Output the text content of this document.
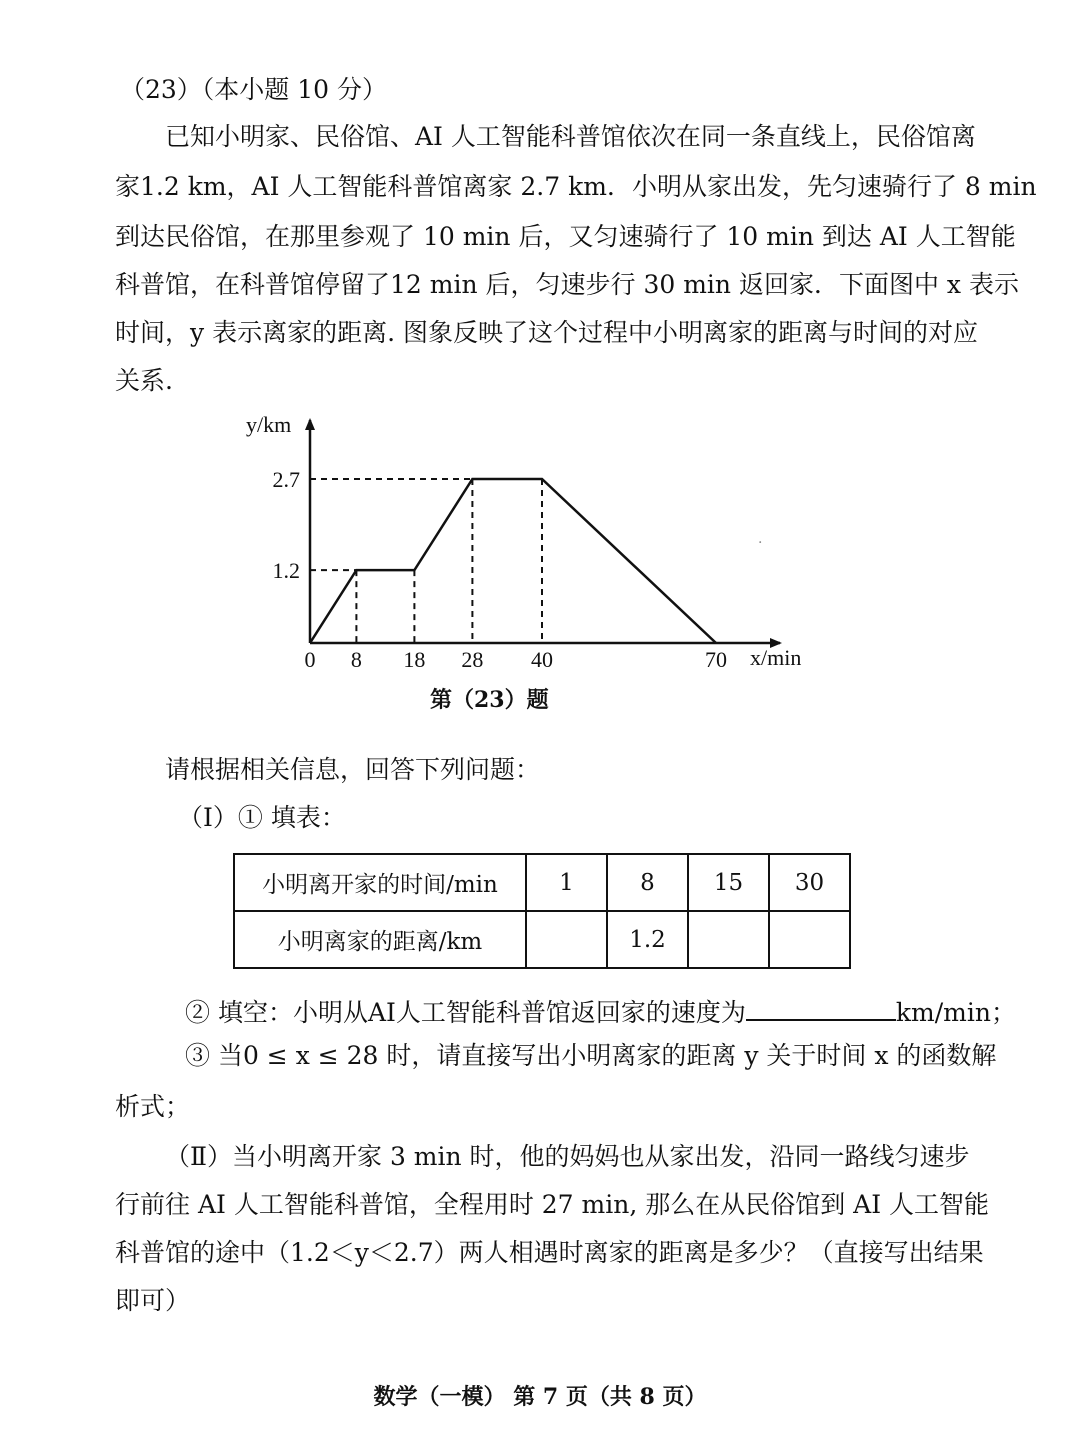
（23）（本小题 10 分）

已知小明家、民俗馆、AI 人工智能科普馆依次在同一条直线上，民俗馆离

家1.2 km，AI 人工智能科普馆离家 2.7 km．小明从家出发，先匀速骑行了 8 min

到达民俗馆，在那里参观了 10 min 后，又匀速骑行了 10 min 到达 AI 人工智能

科普馆，在科普馆停留了12 min 后，匀速步行 30 min 返回家．下面图中 x 表示

时间，y 表示离家的距离. 图象反映了这个过程中小明离家的距离与时间的对应

关系.

0 8 18 28 40	70
1.2
2.7
y/km
x/min
第（23）题
·

请根据相关信息，回答下列问题：

（Ⅰ）① 填表：

小明离开家的时间/min	1	8	15	30
小明离家的距离/km		1.2		

② 填空：小明从AI人工智能科普馆返回家的速度为	km/min；

③ 当0 ≤ x ≤ 28 时，请直接写出小明离家的距离 y 关于时间 x 的函数解

析式；

（Ⅱ）当小明离开家 3 min 时，他的妈妈也从家出发，沿同一路线匀速步

行前往 AI 人工智能科普馆，全程用时 27 min, 那么在从民俗馆到 AI 人工智能

科普馆的途中（1.2＜y＜2.7）两人相遇时离家的距离是多少？（直接写出结果

即可）

数学（一模） 第 7 页（共 8 页）
